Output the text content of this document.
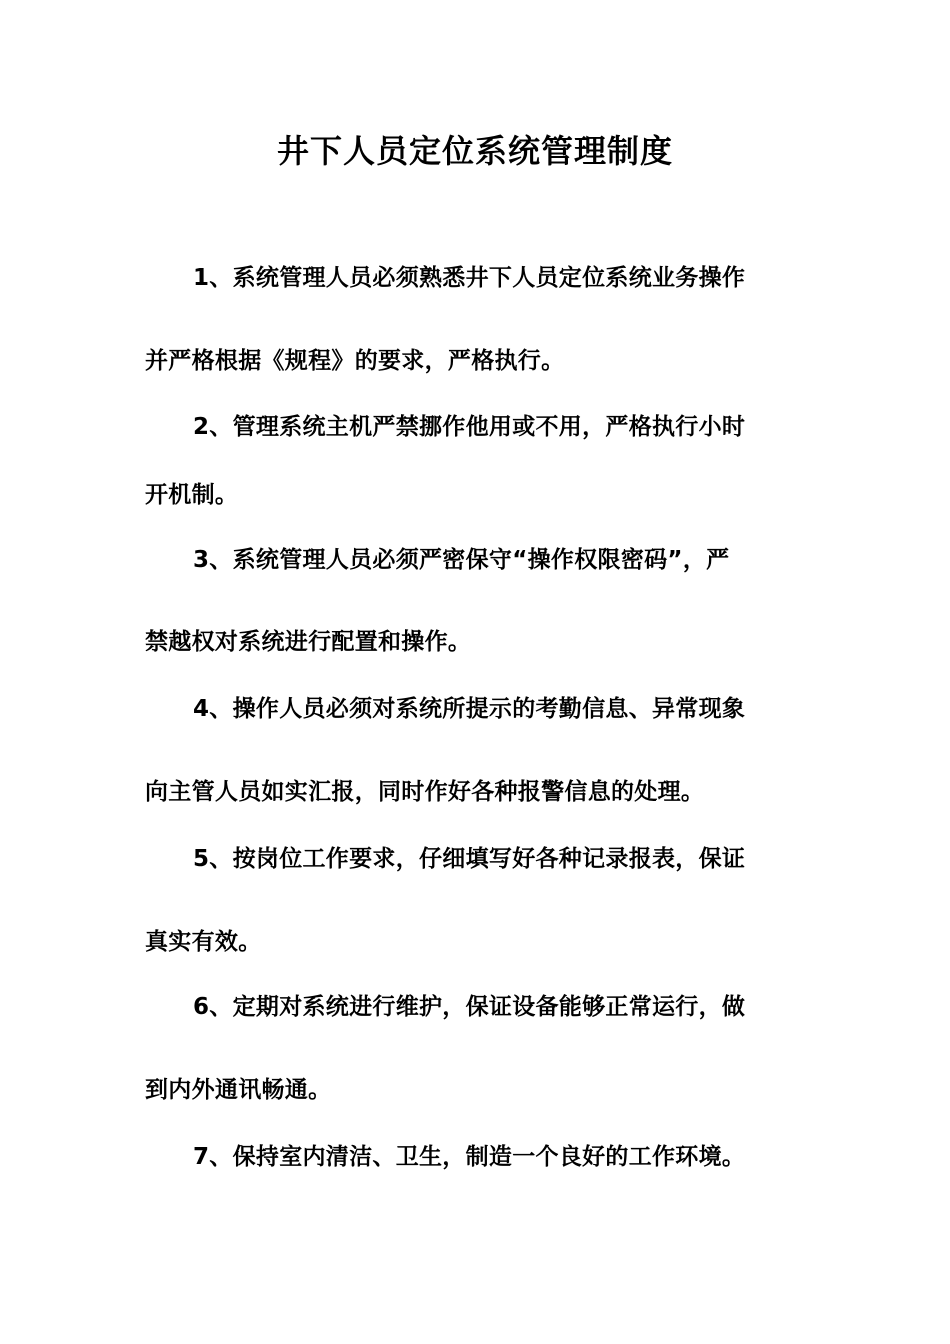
井下人员定位系统管理制度
1、系统管理人员必须熟悉井下人员定位系统业务操作
并严格根据《规程》的要求，严格执行。
2、管理系统主机严禁挪作他用或不用，严格执行小时
开机制。
3、系统管理人员必须严密保守“操作权限密码”，严
禁越权对系统进行配置和操作。
4、操作人员必须对系统所提示的考勤信息、异常现象
向主管人员如实汇报，同时作好各种报警信息的处理。
5、按岗位工作要求，仔细填写好各种记录报表，保证
真实有效。
6、定期对系统进行维护，保证设备能够正常运行，做
到内外通讯畅通。
7、保持室内清洁、卫生，制造一个良好的工作环境。
